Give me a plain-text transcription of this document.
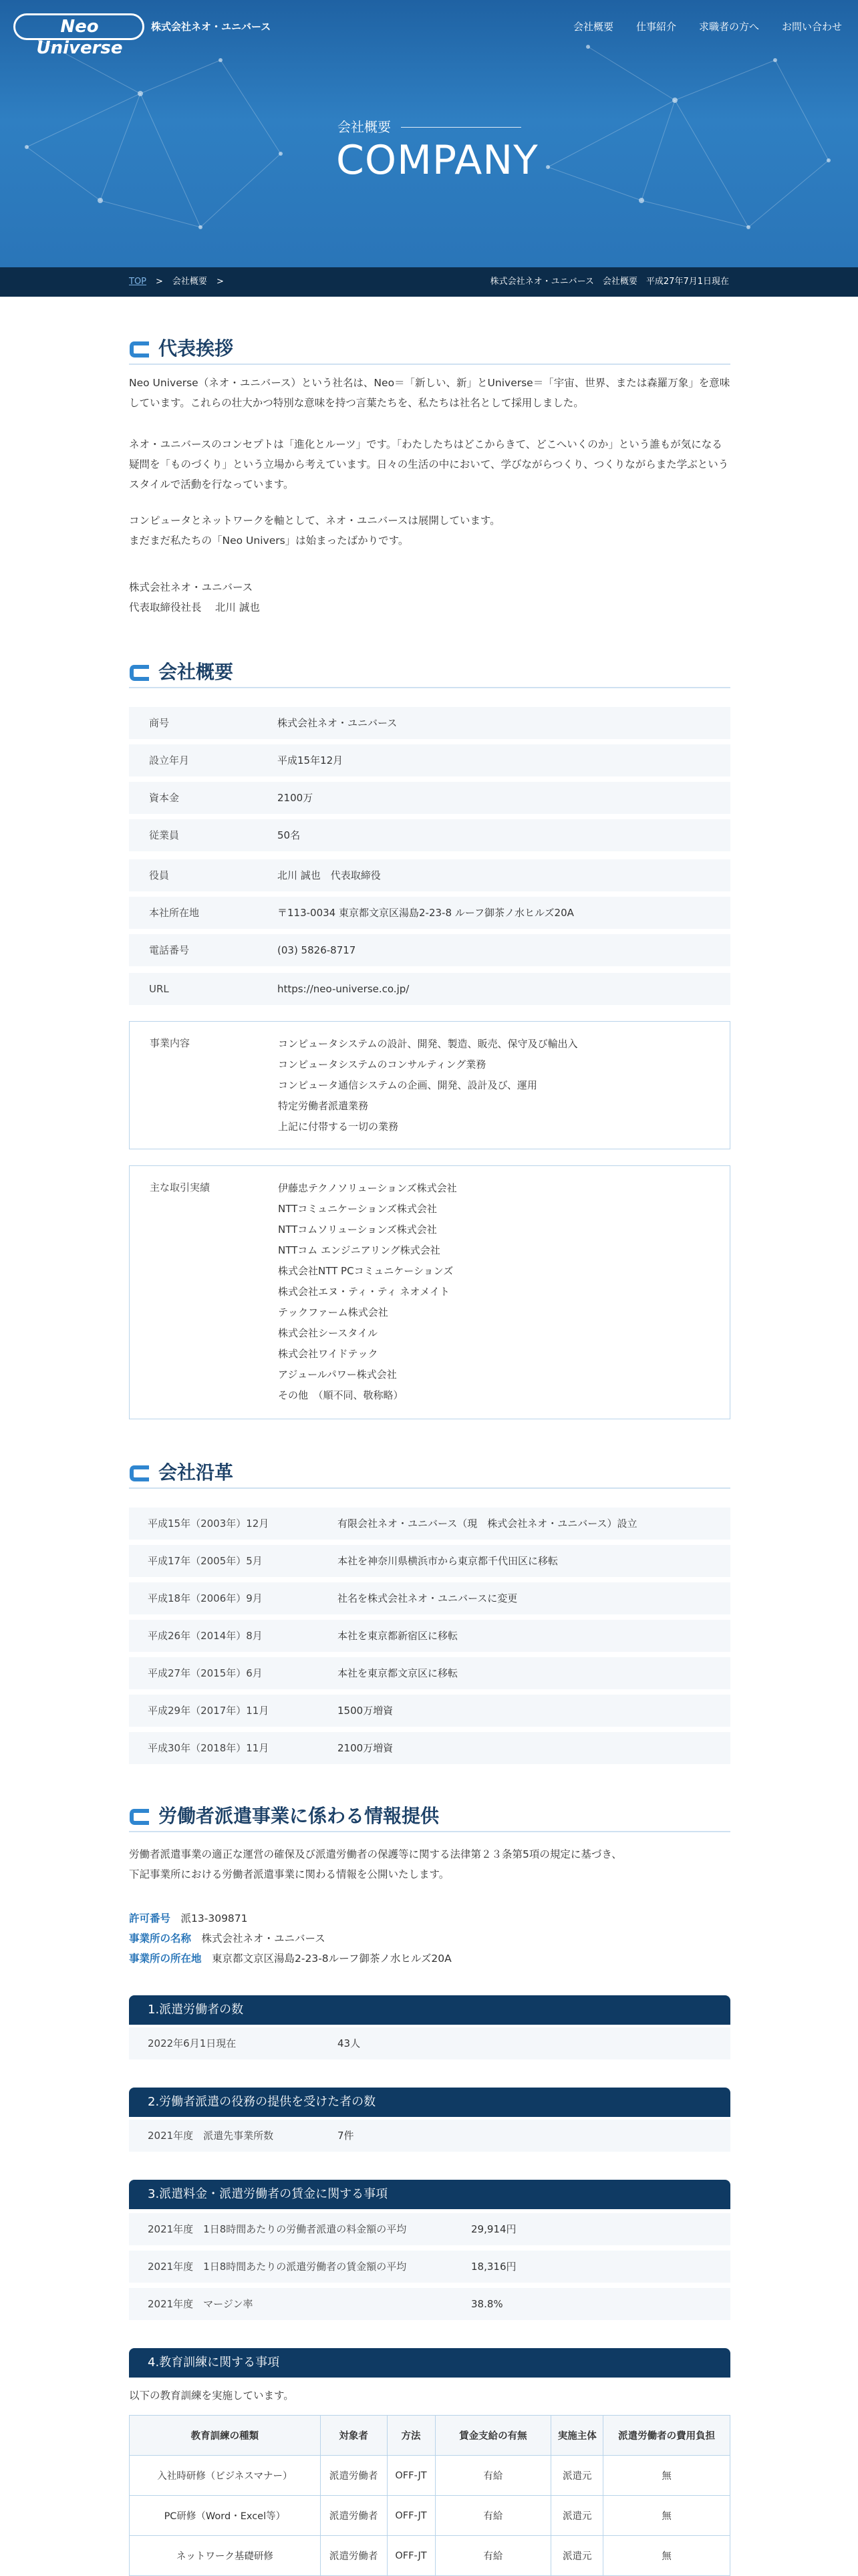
Neo Universe
株式会社ネオ・ユニバース	会社概要 仕事紹介 求職者の方へ お問い合わせ
会社概要
COMPANY
TOP > 会社概要 >	株式会社ネオ・ユニバース　会社概要　平成27年7月1日現在
代表挨拶
Neo Universe（ネオ・ユニバース）という社名は、Neo＝「新しい、新」とUniverse＝「宇宙、世界、または森羅万象」を意味しています。これらの壮大かつ特別な意味を持つ言葉たちを、私たちは社名として採用しました。
ネオ・ユニバースのコンセプトは「進化とルーツ」です。「わたしたちはどこからきて、どこへいくのか」という誰もが気になる疑問を「ものづくり」という立場から考えています。日々の生活の中において、学びながらつくり、つくりながらまた学ぶというスタイルで活動を行なっています。
コンピュータとネットワークを軸として、ネオ・ユニバースは展開しています。
まだまだ私たちの「Neo Univers」は始まったばかりです。
株式会社ネオ・ユニバース
代表取締役社長　 北川 誠也
会社概要
商号	株式会社ネオ・ユニバース
設立年月	平成15年12月
資本金	2100万
従業員	50名
役員	北川 誠也　代表取締役
本社所在地	〒113-0034 東京都文京区湯島2-23-8 ルーフ御茶ノ水ヒルズ20A
電話番号	(03) 5826-8717
URL	https://neo-universe.co.jp/
事業内容	コンピュータシステムの設計、開発、製造、販売、保守及び輸出入
コンピュータシステムのコンサルティング業務
コンピュータ通信システムの企画、開発、設計及び、運用
特定労働者派遣業務
上記に付帯する一切の業務
主な取引実績	伊藤忠テクノソリューションズ株式会社
NTTコミュニケーションズ株式会社
NTTコムソリューションズ株式会社
NTTコム エンジニアリング株式会社
株式会社NTT PCコミュニケーションズ
株式会社エヌ・ティ・ティ ネオメイト
テックファーム株式会社
株式会社シースタイル
株式会社ワイドテック
アジュールパワー株式会社
その他　（順不同、敬称略）
会社沿革
平成15年（2003年）12月	有限会社ネオ・ユニバース（現　株式会社ネオ・ユニバース）設立
平成17年（2005年）5月	本社を神奈川県横浜市から東京都千代田区に移転
平成18年（2006年）9月	社名を株式会社ネオ・ユニバースに変更
平成26年（2014年）8月	本社を東京都新宿区に移転
平成27年（2015年）6月	本社を東京都文京区に移転
平成29年（2017年）11月	1500万増資
平成30年（2018年）11月	2100万増資
労働者派遣事業に係わる情報提供
労働者派遣事業の適正な運営の確保及び派遣労働者の保護等に関する法律第２３条第5項の規定に基づき、
下記事業所における労働者派遣事業に関わる情報を公開いたします。
許可番号　 派13-309871
事業所の名称　 株式会社ネオ・ユニバース
事業所の所在地　 東京都文京区湯島2-23-8ルーフ御茶ノ水ヒルズ20A
1.派遣労働者の数
2022年6月1日現在	43人
2.労働者派遣の役務の提供を受けた者の数
2021年度　派遣先事業所数	7件
3.派遣料金・派遣労働者の賃金に関する事項
2021年度　1日8時間あたりの労働者派遣の料金額の平均	29,914円
2021年度　1日8時間あたりの派遣労働者の賃金額の平均	18,316円
2021年度　マージン率	38.8%
4.教育訓練に関する事項
以下の教育訓練を実施しています。
教育訓練の種類	対象者	方法	賃金支給の有無	実施主体	派遣労働者の費用負担
入社時研修（ビジネスマナー）	派遣労働者	OFF-JT	有給	派遣元	無
PC研修（Word・Excel等）	派遣労働者	OFF-JT	有給	派遣元	無
ネットワーク基礎研修	派遣労働者	OFF-JT	有給	派遣元	無
